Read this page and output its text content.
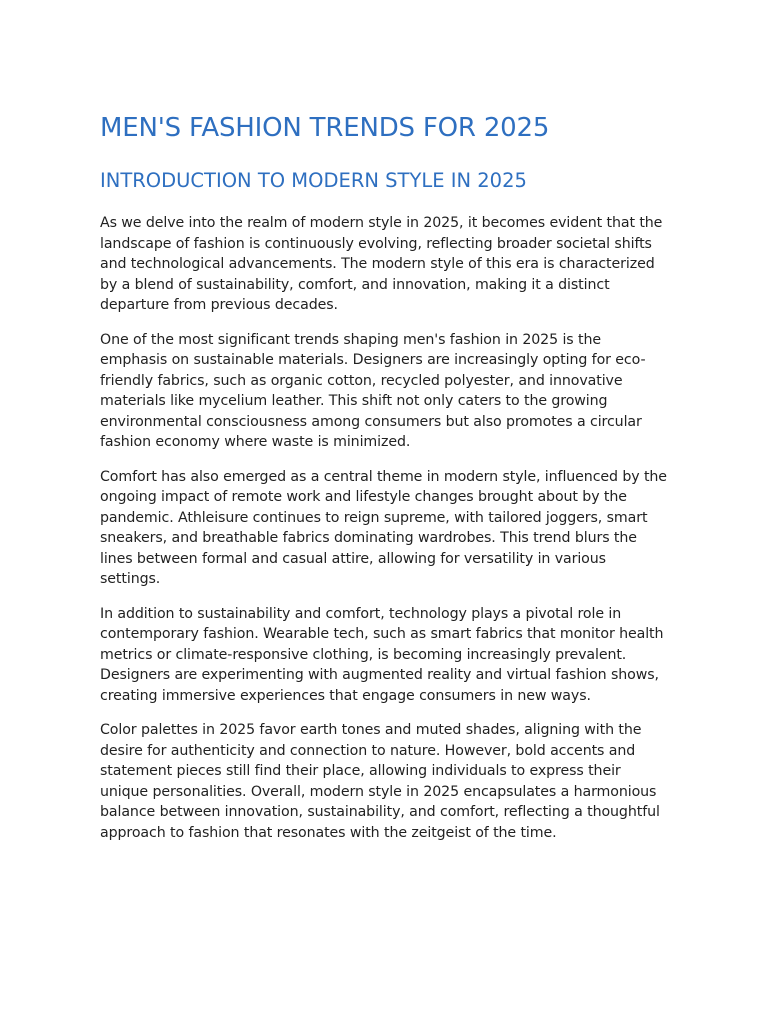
MEN'S FASHION TRENDS FOR 2025
INTRODUCTION TO MODERN STYLE IN 2025

As we delve into the realm of modern style in 2025, it becomes evident that the landscape of fashion is continuously evolving, reflecting broader societal shifts and technological advancements. The modern style of this era is characterized by a blend of sustainability, comfort, and innovation, making it a distinct departure from previous decades.

One of the most significant trends shaping men's fashion in 2025 is the emphasis on sustainable materials. Designers are increasingly opting for eco-friendly fabrics, such as organic cotton, recycled polyester, and innovative materials like mycelium leather. This shift not only caters to the growing environmental consciousness among consumers but also promotes a circular fashion economy where waste is minimized.

Comfort has also emerged as a central theme in modern style, influenced by the ongoing impact of remote work and lifestyle changes brought about by the pandemic. Athleisure continues to reign supreme, with tailored joggers, smart sneakers, and breathable fabrics dominating wardrobes. This trend blurs the lines between formal and casual attire, allowing for versatility in various settings.

In addition to sustainability and comfort, technology plays a pivotal role in contemporary fashion. Wearable tech, such as smart fabrics that monitor health metrics or climate-responsive clothing, is becoming increasingly prevalent. Designers are experimenting with augmented reality and virtual fashion shows, creating immersive experiences that engage consumers in new ways.

Color palettes in 2025 favor earth tones and muted shades, aligning with the desire for authenticity and connection to nature. However, bold accents and statement pieces still find their place, allowing individuals to express their unique personalities. Overall, modern style in 2025 encapsulates a harmonious balance between innovation, sustainability, and comfort, reflecting a thoughtful approach to fashion that resonates with the zeitgeist of the time.
